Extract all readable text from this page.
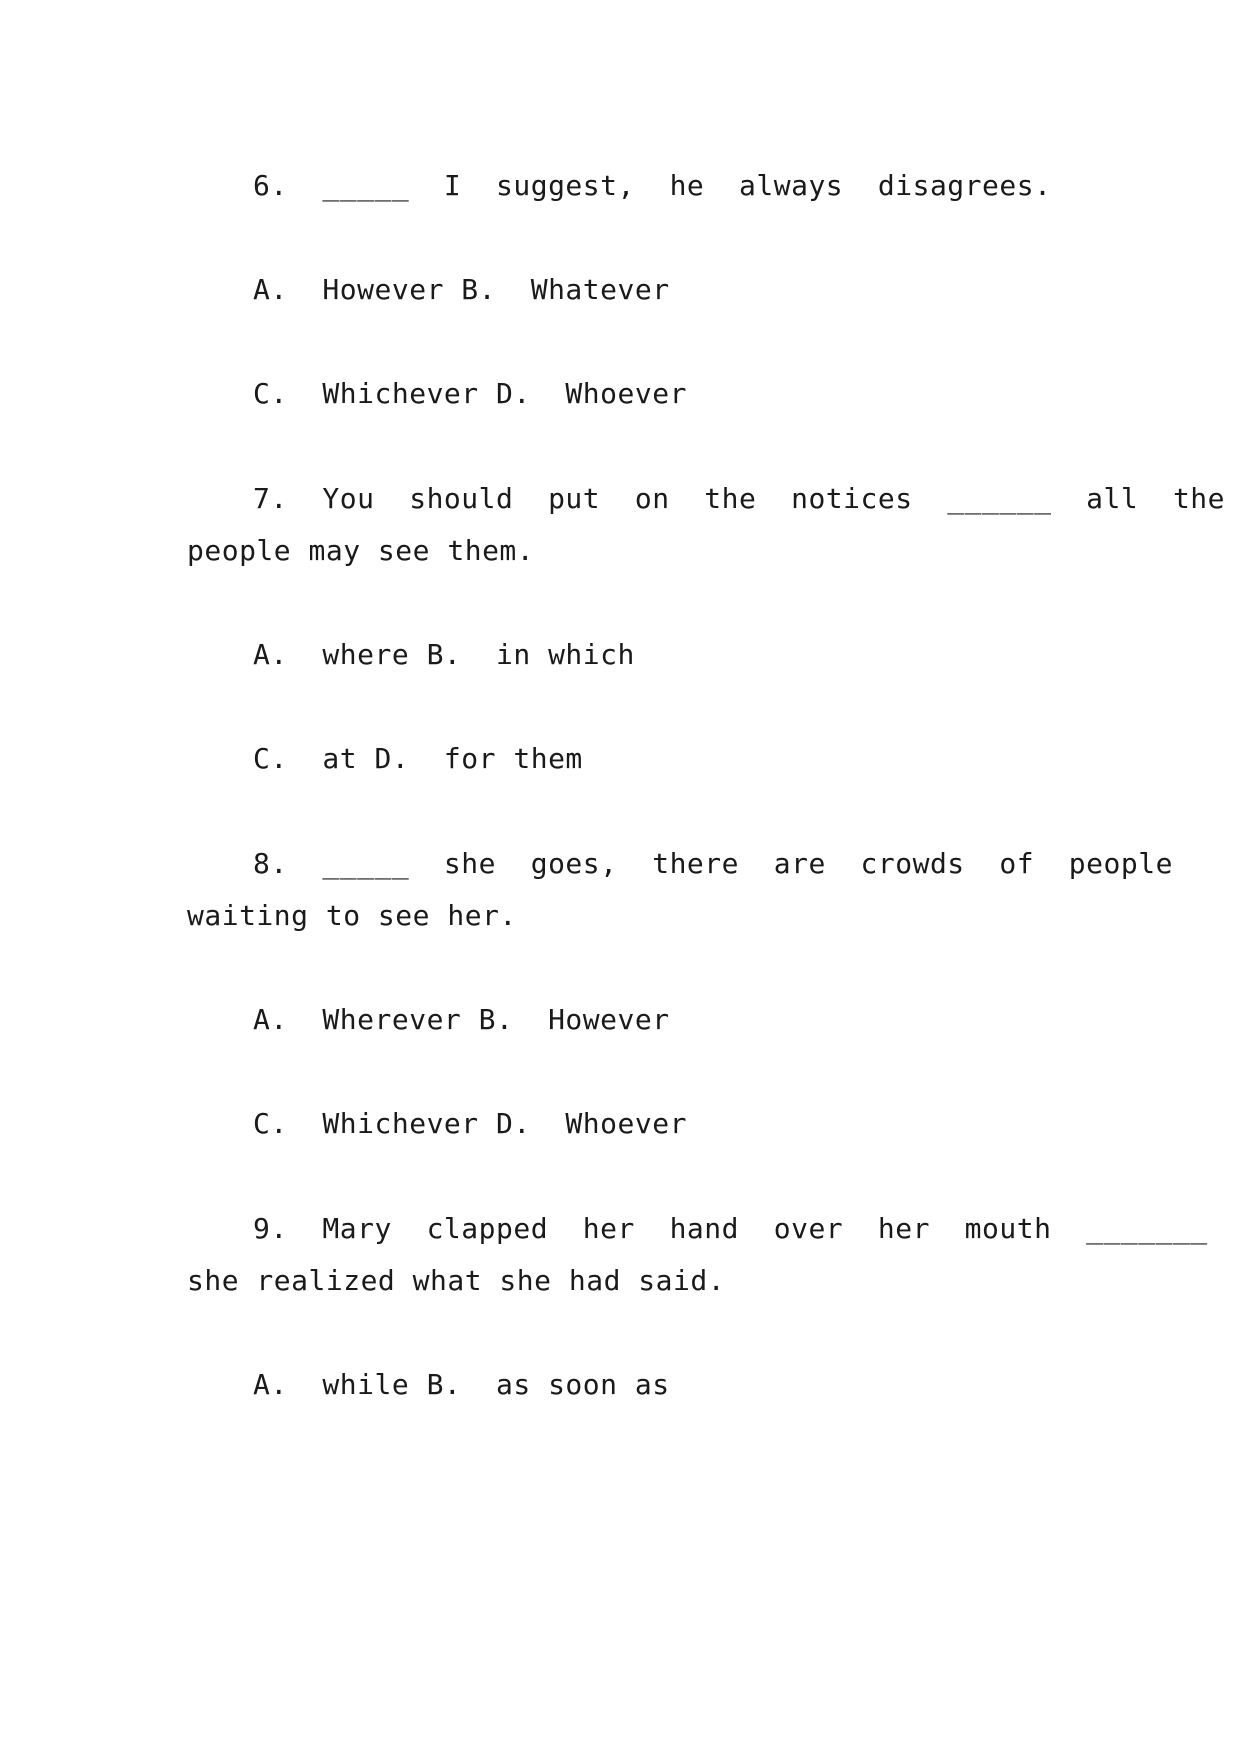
6.  _____  I  suggest,  he  always  disagrees.
A.  However B.  Whatever
C.  Whichever D.  Whoever
7.  You  should  put  on  the  notices  ______  all  the
people may see them.
A.  where B.  in which
C.  at D.  for them
8.  _____  she  goes,  there  are  crowds  of  people
waiting to see her.
A.  Wherever B.  However
C.  Whichever D.  Whoever
9.  Mary  clapped  her  hand  over  her  mouth  _______
she realized what she had said.
A.  while B.  as soon as
